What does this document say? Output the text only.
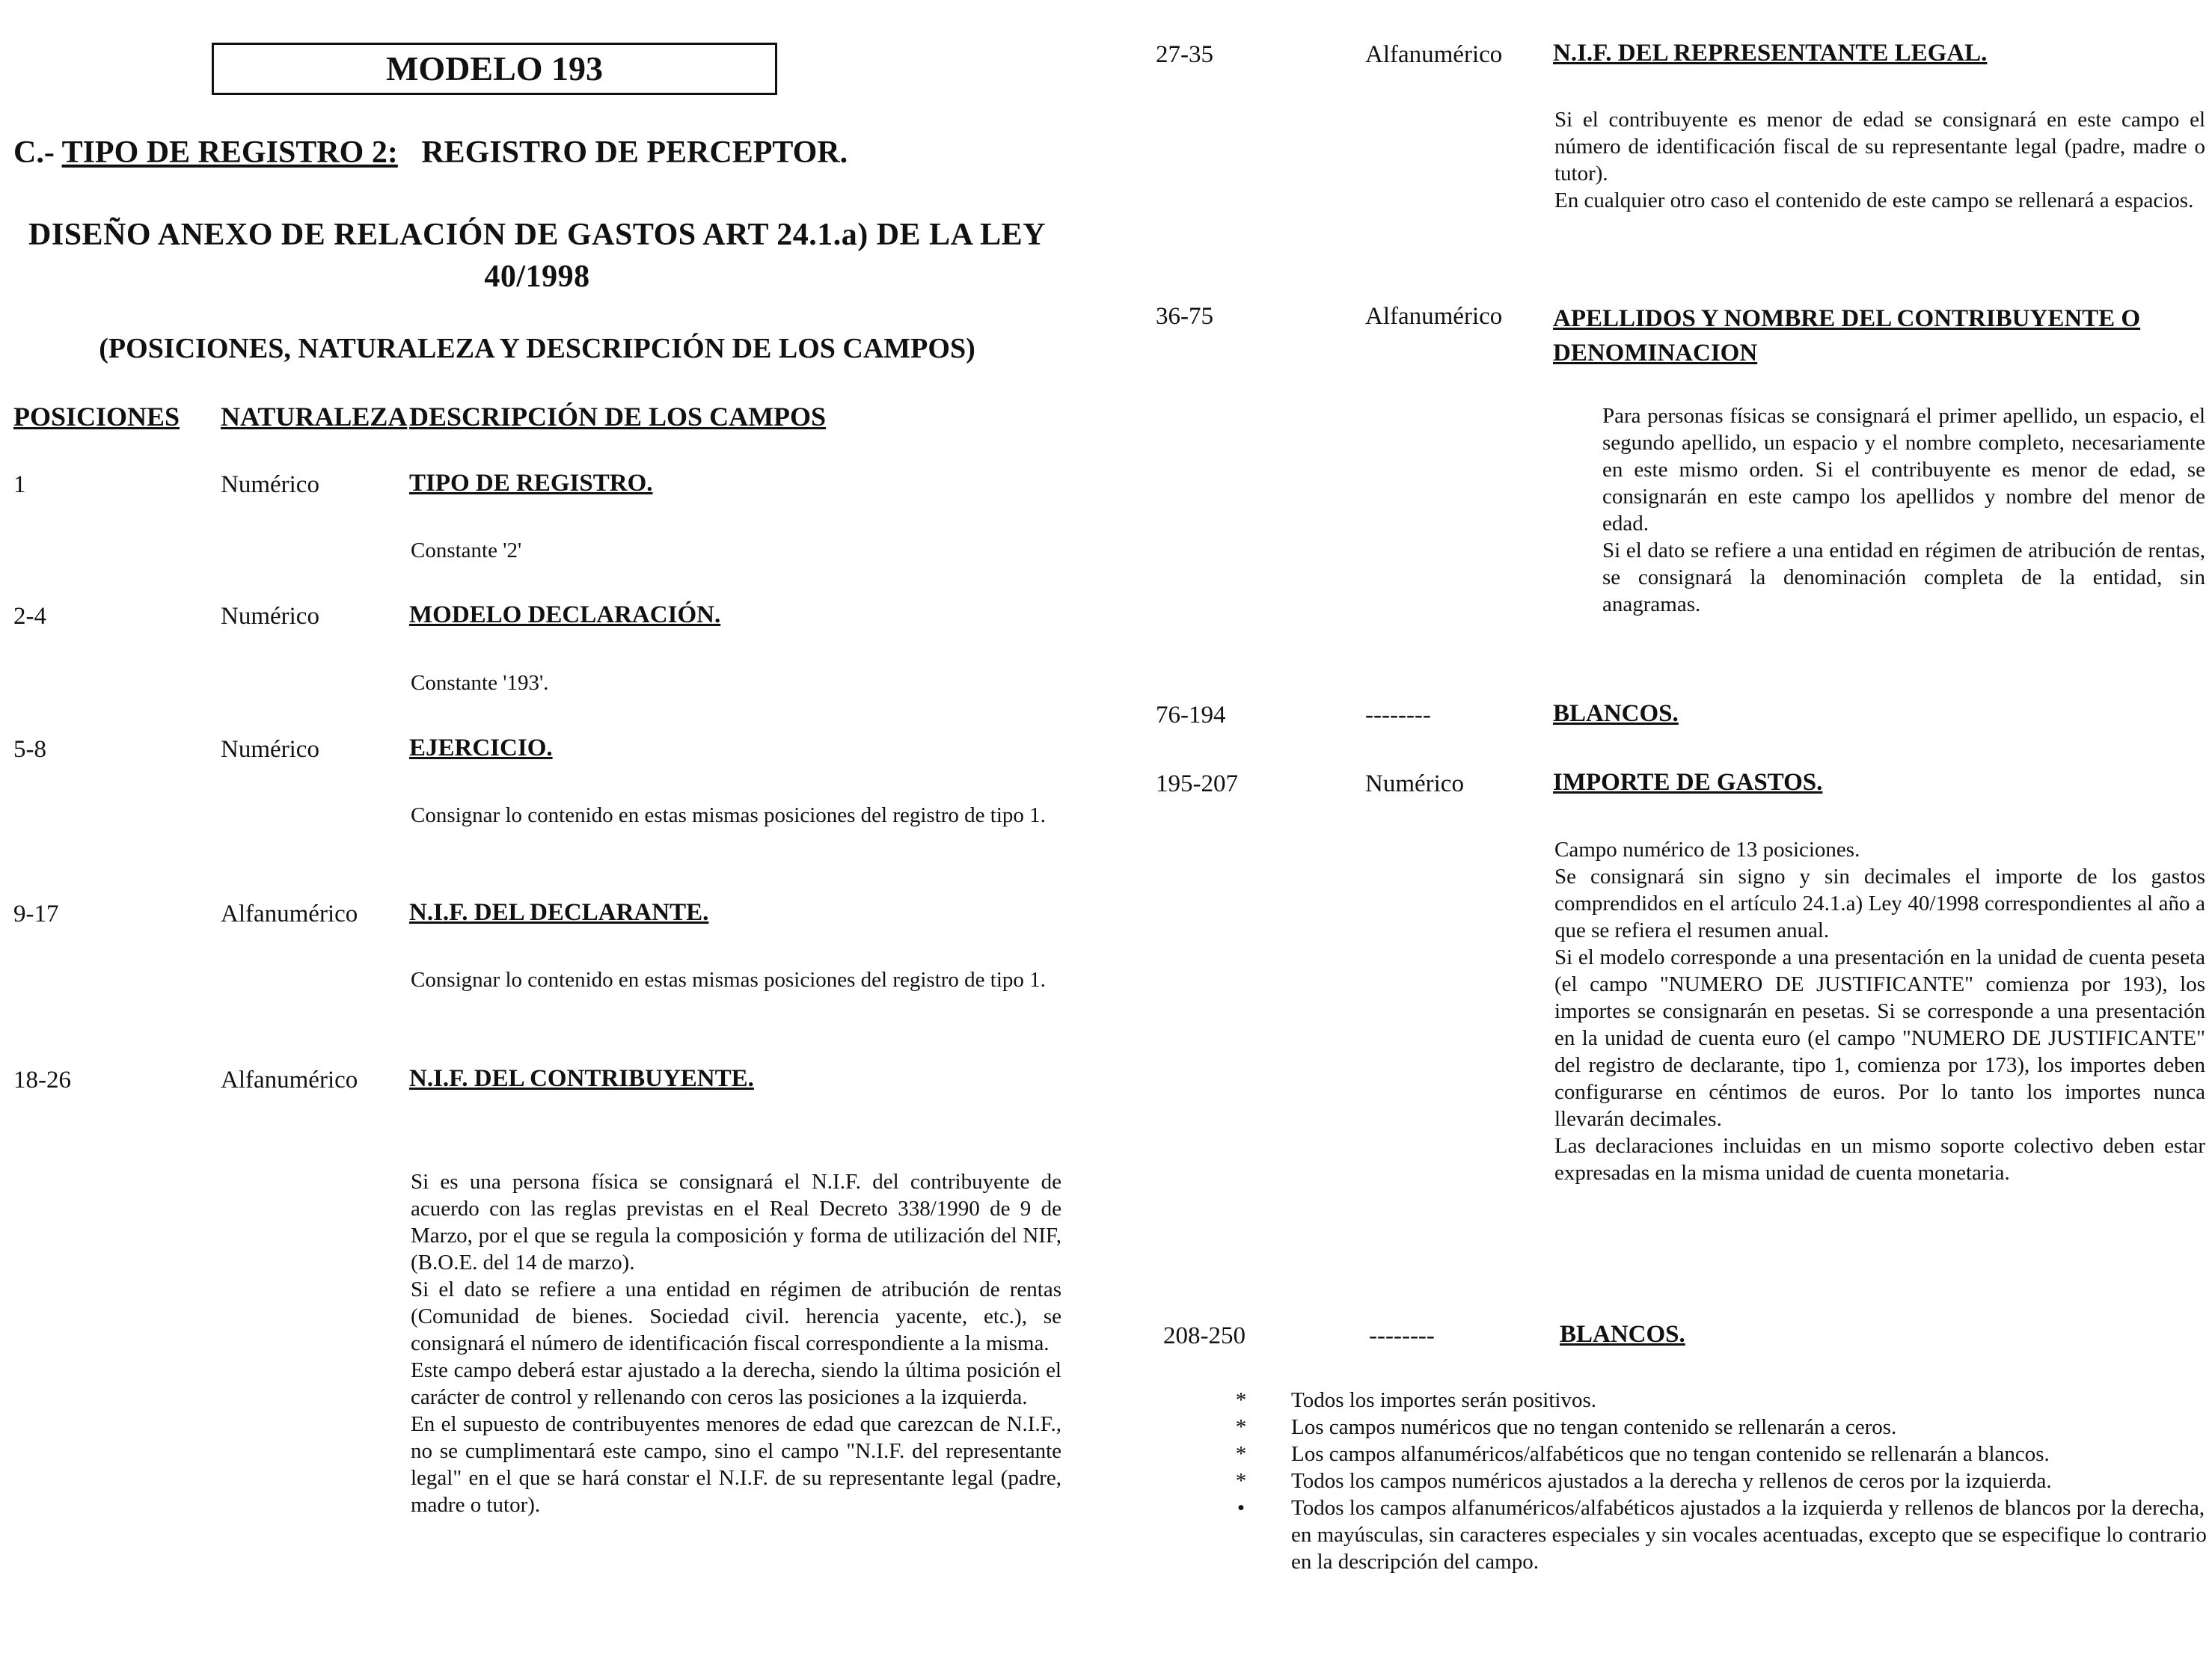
MODELO 193
C.- TIPO DE REGISTRO 2: REGISTRO DE PERCEPTOR.
DISEÑO ANEXO DE RELACIÓN DE GASTOS ART 24.1.a) DE LA LEY
40/1998
(POSICIONES, NATURALEZA Y DESCRIPCIÓN DE LOS CAMPOS)
POSICIONES NATURALEZA DESCRIPCIÓN DE LOS CAMPOS
1	Numérico	TIPO DE REGISTRO.

Constante '2'

2-4	Numérico	MODELO DECLARACIÓN.

Constante '193'.

5-8	Numérico	EJERCICIO.

Consignar lo contenido en estas mismas posiciones del registro de tipo 1.

9-17	Alfanumérico N.I.F. DEL DECLARANTE.

Consignar lo contenido en estas mismas posiciones del registro de tipo 1.

18-26	Alfanumérico N.I.F. DEL CONTRIBUYENTE.

Si es una persona física se consignará el N.I.F. del contribuyente de acuerdo con las reglas previstas en el Real Decreto 338/1990 de 9 de Marzo, por el que se regula la composición y forma de utilización del NIF, (B.O.E. del 14 de marzo).

Si el dato se refiere a una entidad en régimen de atribución de rentas (Comunidad de bienes. Sociedad civil. herencia yacente, etc.), se consignará el número de identificación fiscal correspondiente a la misma.

Este campo deberá estar ajustado a la derecha, siendo la última posición el carácter de control y rellenando con ceros las posiciones a la izquierda.

En el supuesto de contribuyentes menores de edad que carezcan de N.I.F., no se cumplimentará este campo, sino el campo "N.I.F. del representante legal" en el que se hará constar el N.I.F. de su representante legal (padre, madre o tutor).

27-35	Alfanumérico N.I.F. DEL REPRESENTANTE LEGAL.

Si el contribuyente es menor de edad se consignará en este campo el número de identificación fiscal de su representante legal (padre, madre o tutor).

En cualquier otro caso el contenido de este campo se rellenará a espacios.

36-75	Alfanumérico APELLIDOS Y NOMBRE DEL CONTRIBUYENTE O DENOMINACION

Para personas físicas se consignará el primer apellido, un espacio, el segundo apellido, un espacio y el nombre completo, necesariamente en este mismo orden. Si el contribuyente es menor de edad, se consignarán en este campo los apellidos y nombre del menor de edad.

Si el dato se refiere a una entidad en régimen de atribución de rentas, se consignará la denominación completa de la entidad, sin anagramas.

76-194	--------	BLANCOS.
195-207	Numérico	IMPORTE DE GASTOS.

Campo numérico de 13 posiciones.

Se consignará sin signo y sin decimales el importe de los gastos comprendidos en el artículo 24.1.a) Ley 40/1998 correspondientes al año a que se refiera el resumen anual.

Si el modelo corresponde a una presentación en la unidad de cuenta peseta (el campo "NUMERO DE JUSTIFICANTE" comienza por 193), los importes se consignarán en pesetas. Si se corresponde a una presentación en la unidad de cuenta euro (el campo "NUMERO DE JUSTIFICANTE" del registro de declarante, tipo 1, comienza por 173), los importes deben configurarse en céntimos de euros. Por lo tanto los importes nunca llevarán decimales.

Las declaraciones incluidas en un mismo soporte colectivo deben estar expresadas en la misma unidad de cuenta monetaria.

208-250	--------	BLANCOS.
* Todos los importes serán positivos.
* Los campos numéricos que no tengan contenido se rellenarán a ceros.
* Los campos alfanuméricos/alfabéticos que no tengan contenido se rellenarán a blancos.
* Todos los campos numéricos ajustados a la derecha y rellenos de ceros por la izquierda.
•	Todos los campos alfanuméricos/alfabéticos ajustados a la izquierda y rellenos de blancos por la derecha, en mayúsculas, sin caracteres especiales y sin vocales acentuadas, excepto que se especifique lo contrario en la descripción del campo.
